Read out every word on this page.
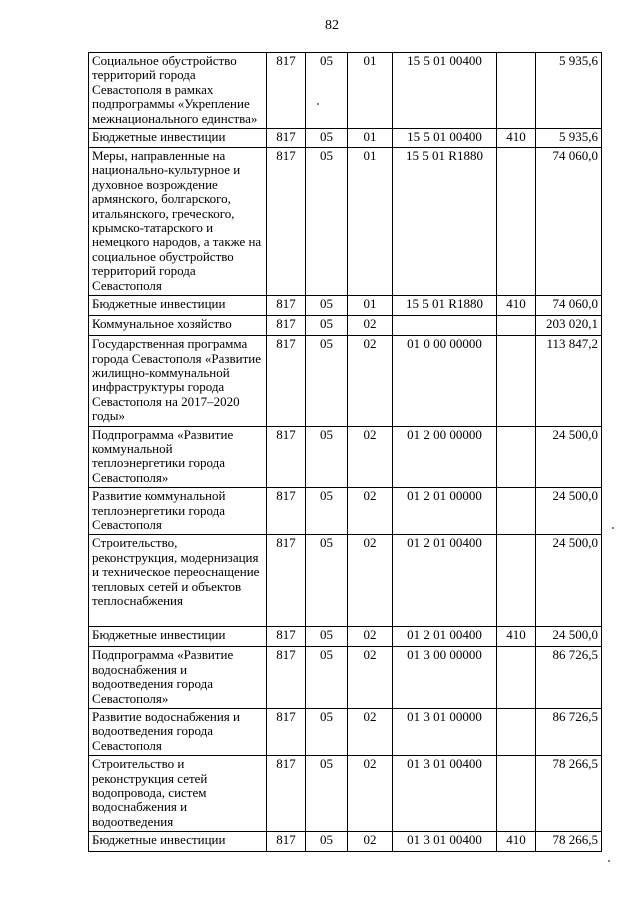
82
Социальное обустройство территорий города Севастополя в рамках подпрограммы «Укрепление межнационального единства»	817	05	01	15 5 01 00400		5 935,6
Бюджетные инвестиции	817	05	01	15 5 01 00400	410	5 935,6
Меры, направленные на национально-культурное и духовное возрождение армянского, болгарского, итальянского, греческого, крымско-татарского и немецкого народов, а также на социальное обустройство территорий города Севастополя	817	05	01	15 5 01 R1880		74 060,0
Бюджетные инвестиции	817	05	01	15 5 01 R1880	410	74 060,0
Коммунальное хозяйство	817	05	02			203 020,1
Государственная программа города Севастополя «Развитие жилищно-коммунальной инфраструктуры города Севастополя на 2017–2020 годы»	817	05	02	01 0 00 00000		113 847,2
Подпрограмма «Развитие коммунальной теплоэнергетики города Севастополя»	817	05	02	01 2 00 00000		24 500,0
Развитие коммунальной теплоэнергетики города Севастополя	817	05	02	01 2 01 00000		24 500,0
Строительство, реконструкция, модернизация и техническое переоснащение тепловых сетей и объектов теплоснабжения	817	05	02	01 2 01 00400		24 500,0
Бюджетные инвестиции	817	05	02	01 2 01 00400	410	24 500,0
Подпрограмма «Развитие водоснабжения и водоотведения города Севастополя»	817	05	02	01 3 00 00000		86 726,5
Развитие водоснабжения и водоотведения города Севастополя	817	05	02	01 3 01 00000		86 726,5
Строительство и реконструкция сетей водопровода, систем водоснабжения и водоотведения	817	05	02	01 3 01 00400		78 266,5
Бюджетные инвестиции	817	05	02	01 3 01 00400	410	78 266,5
